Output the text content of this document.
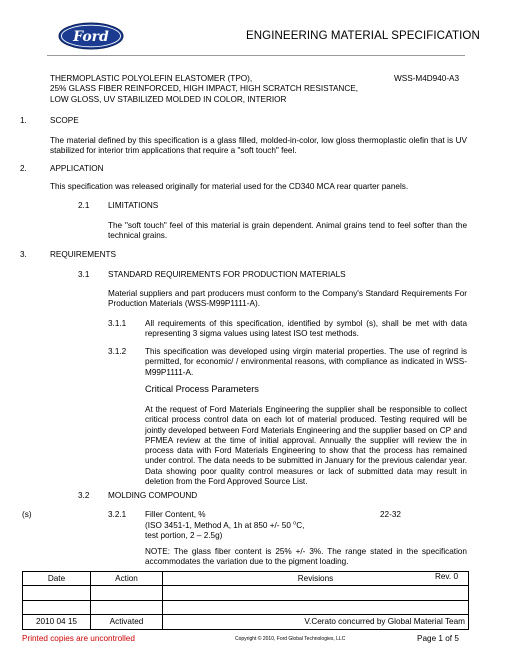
Ford	ENGINEERING MATERIAL SPECIFICATION
THERMOPLASTIC POLYOLEFIN ELASTOMER (TPO),
25% GLASS FIBER REINFORCED, HIGH IMPACT, HIGH SCRATCH RESISTANCE,
LOW GLOSS, UV STABILIZED MOLDED IN COLOR, INTERIOR
WSS-M4D940-A3
1.	SCOPE
The material defined by this specification is a glass filled, molded-in-color, low gloss thermoplastic olefin that is UV stabilized for interior trim applications that require a "soft touch" feel.
2.	APPLICATION
This specification was released originally for material used for the CD340 MCA rear quarter panels.
2.1 LIMITATIONS
The "soft touch" feel of this material is grain dependent. Animal grains tend to feel softer than the technical grains.
3.	REQUIREMENTS
3.1 STANDARD REQUIREMENTS FOR PRODUCTION MATERIALS
Material suppliers and part producers must conform to the Company's Standard Requirements For Production Materials (WSS-M99P1111-A).
3.1.1 All requirements of this specification, identified by symbol (s), shall be met with data representing 3 sigma values using latest ISO test methods.
3.1.2 This specification was developed using virgin material properties. The use of regrind is permitted, for economic/ / environmental reasons, with compliance as indicated in WSS-M99P1111-A.
Critical Process Parameters
At the request of Ford Materials Engineering the supplier shall be responsible to collect critical process control data on each lot of material produced. Testing required will be jointly developed between Ford Materials Engineering and the supplier based on CP and PFMEA review at the time of initial approval. Annually the supplier will review the in process data with Ford Materials Engineering to show that the process has remained under control. The data needs to be submitted in January for the previous calendar year. Data showing poor quality control measures or lack of submitted data may result in deletion from the Ford Approved Source List.
3.2 MOLDING COMPOUND
(s)	3.2.1 Filler Content, %
(ISO 3451-1, Method A, 1h at 850 +/- 50 $^o$C,
test portion, 2 – 2.5g)
22-32
NOTE: The glass fiber content is 25% +/- 3%. The range stated in the specification accommodates the variation due to the pigment loading.
Date	Action	Revisions Rev. 0

2010 04 15	Activated	V.Cerato concurred by Global Material Team
Printed copies are uncontrolled	Copyright © 2010, Ford Global Technologies, LLC	Page 1 of 5
